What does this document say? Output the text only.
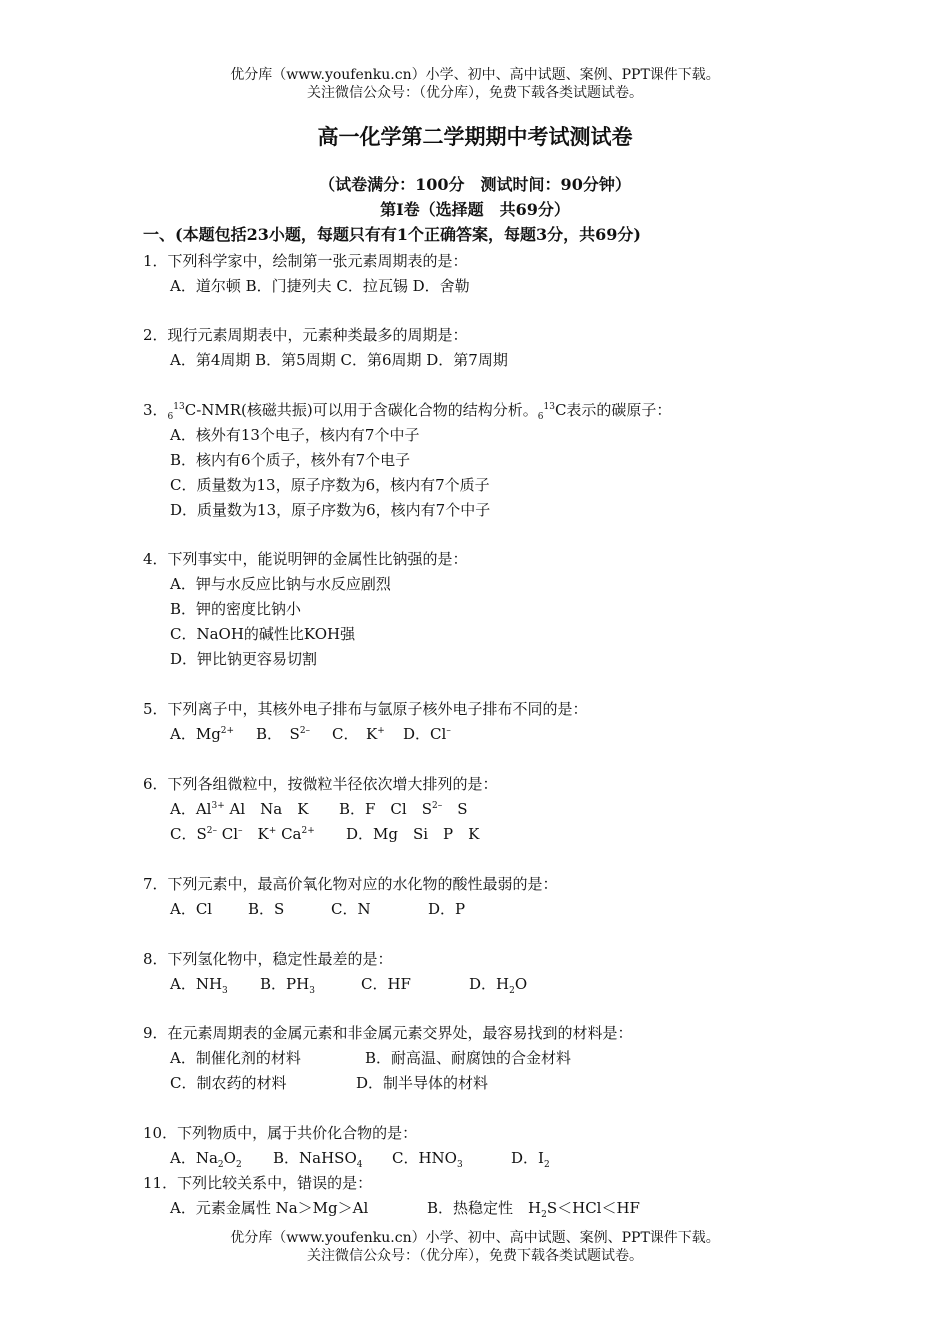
优分库（www.youfenku.cn）小学、初中、高中试题、案例、PPT课件下载。
关注微信公众号：（优分库），免费下载各类试题试卷。
高一化学第二学期期中考试测试卷
（试卷满分：100分　测试时间：90分钟）
第I卷（选择题　共69分）
一、(本题包括23小题，每题只有有1个正确答案，每题3分，共69分)
1．下列科学家中，绘制第一张元素周期表的是：
A．道尔顿 B．门捷列夫 C．拉瓦锡 D．舍勒
2．现行元素周期表中，元素种类最多的周期是：
A．第4周期 B．第5周期 C．第6周期 D．第7周期
3．$_6^{13}$C-NMR(核磁共振)可以用于含碳化合物的结构分析。$_6^{13}$C表示的碳原子：
A．核外有13个电子，核内有7个中子
B．核内有6个质子，核外有7个电子
C．质量数为13，原子序数为6，核内有7个质子
D．质量数为13，原子序数为6，核内有7个中子
4．下列事实中，能说明钾的金属性比钠强的是：
A．钾与水反应比钠与水反应剧烈
B．钾的密度比钠小
C．NaOH的碱性比KOH强
D．钾比钠更容易切割
5．下列离子中，其核外电子排布与氩原子核外电子排布不同的是：
A．$Mg^{2+}$ B．　$S^{2-}$ C．　K+ D．Cl–
6．下列各组微粒中，按微粒半径依次增大排列的是：
A．$Al^{3+}$ Al　Na　K B．F　Cl　$S^{2-}$　S
C．$S^{2-}$ Cl–　K+ $Ca^{2+}$ D．Mg　Si　P　K
7．下列元素中，最高价氧化物对应的水化物的酸性最弱的是：
A．Cl B．S	C．N	D．P
8．下列氢化物中，稳定性最差的是：
A．$NH_3$ B．$PH_3$	C．HF	D．$H_2O$
9．在元素周期表的金属元素和非金属元素交界处，最容易找到的材料是：
A．制催化剂的材料	B．耐高温、耐腐蚀的合金材料
C．制农药的材料	D．制半导体的材料
10．下列物质中，属于共价化合物的是：
A．$Na_2O_2$ B．NaHSO$_4$ C．$HNO_3$	D．$I_2$
11．下列比较关系中，错误的是：
A．元素金属性 Na＞Mg＞Al	B．热稳定性　$H_2S<HCl<HF$
优分库（www.youfenku.cn）小学、初中、高中试题、案例、PPT课件下载。
关注微信公众号：（优分库），免费下载各类试题试卷。
